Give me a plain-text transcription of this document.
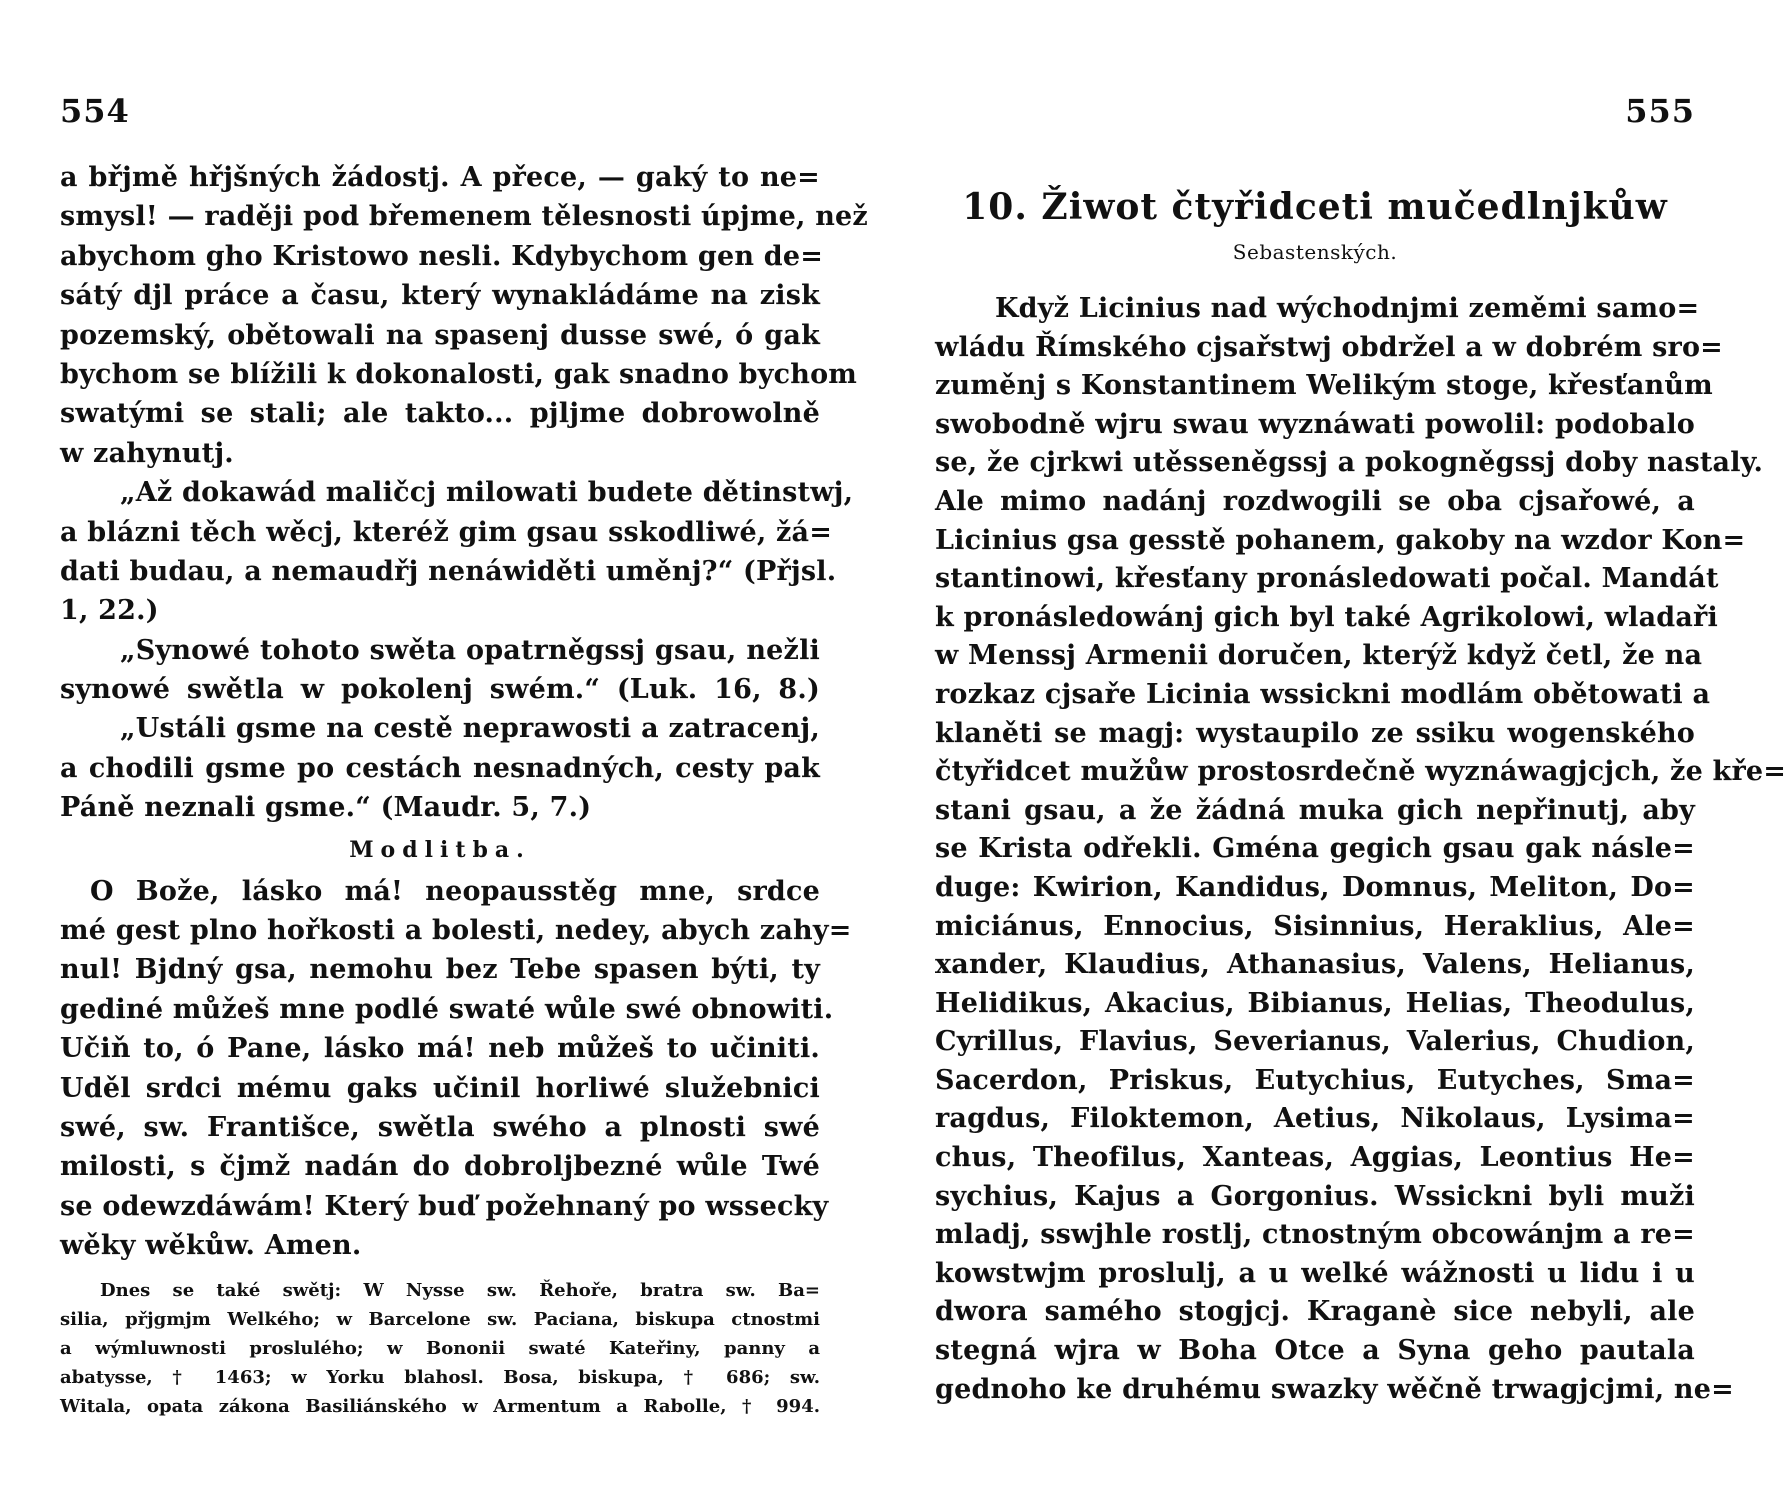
554
a břjmě hřjšných žádostj. A přece, — gaký to ne=
smysl! — raději pod břemenem tělesnosti úpjme, než
abychom gho Kristowo nesli. Kdybychom gen de=
sátý djl práce a času, který wynakládáme na zisk
pozemský, obětowali na spasenj dusse swé, ó gak
bychom se blížili k dokonalosti, gak snadno bychom
swatými se stali; ale takto... pjljme dobrowolně
w zahynutj.
„Až dokawád maličcj milowati budete dětinstwj,
a blázni těch wěcj, kteréž gim gsau sskodliwé, žá=
dati budau, a nemaudřj nenáwiděti uměnj?“ (Přjsl.
1, 22.)
„Synowé tohoto swěta opatrněgssj gsau, nežli
synowé swětla w pokolenj swém.“ (Luk. 16, 8.)
„Ustáli gsme na cestě neprawosti a zatracenj,
a chodili gsme po cestách nesnadných, cesty pak
Páně neznali gsme.“ (Maudr. 5, 7.)
Modlitba.
O Bože, lásko má! neopausstěg mne, srdce
mé gest plno hořkosti a bolesti, nedey, abych zahy=
nul! Bjdný gsa, nemohu bez Tebe spasen býti, ty
gediné můžeš mne podlé swaté wůle swé obnowiti.
Učiň to, ó Pane, lásko má! neb můžeš to učiniti.
Uděl srdci mému gaks učinil horliwé služebnici
swé, sw. Františce, swětla swého a plnosti swé
milosti, s čjmž nadán do dobroljbezné wůle Twé
se odewzdáwám! Který buď požehnaný po wssecky
wěky wěkůw. Amen.
Dnes se také swětj: W Nysse sw. Řehoře, bratra sw. Ba=
silia, přjgmjm Welkého; w Barcelone sw. Paciana, biskupa ctnostmi
a wýmluwnosti proslulého; w Bononii swaté Kateřiny, panny a
abatysse, † 1463; w Yorku blahosl. Bosa, biskupa, † 686; sw.
Witala, opata zákona Basiliánského w Armentum a Rabolle, † 994.
555
10. Žiwot čtyřidceti mučedlnjkůw
Sebastenských.
Když Licinius nad wýchodnjmi zeměmi samo=
wládu Římského cjsařstwj obdržel a w dobrém sro=
zuměnj s Konstantinem Welikým stoge, křesťanům
swobodně wjru swau wyznáwati powolil: podobalo
se, že cjrkwi utěsseněgssj a pokogněgssj doby nastaly.
Ale mimo nadánj rozdwogili se oba cjsařowé, a
Licinius gsa gesstě pohanem, gakoby na wzdor Kon=
stantinowi, křesťany pronásledowati počal. Mandát
k pronásledowánj gich byl také Agrikolowi, wladaři
w Menssj Armenii doručen, kterýž když četl, že na
rozkaz cjsaře Licinia wssickni modlám obětowati a
klaněti se magj: wystaupilo ze ssiku wogenského
čtyřidcet mužůw prostosrdečně wyznáwagjcjch, že kře=
stani gsau, a že žádná muka gich nepřinutj, aby
se Krista odřekli. Gména gegich gsau gak násle=
duge: Kwirion, Kandidus, Domnus, Meliton, Do=
miciánus, Ennocius, Sisinnius, Heraklius, Ale=
xander, Klaudius, Athanasius, Valens, Helianus,
Helidikus, Akacius, Bibianus, Helias, Theodulus,
Cyrillus, Flavius, Severianus, Valerius, Chudion,
Sacerdon, Priskus, Eutychius, Eutyches, Sma=
ragdus, Filoktemon, Aetius, Nikolaus, Lysima=
chus, Theofilus, Xanteas, Aggias, Leontius He=
sychius, Kajus a Gorgonius. Wssickni byli muži
mladj, sswjhle rostlj, ctnostným obcowánjm a re=
kowstwjm proslulj, a u welké wážnosti u lidu i u
dwora samého stogjcj. Kraganè sice nebyli, ale
stegná wjra w Boha Otce a Syna geho pautala
gednoho ke druhému swazky wěčně trwagjcjmi, ne=
